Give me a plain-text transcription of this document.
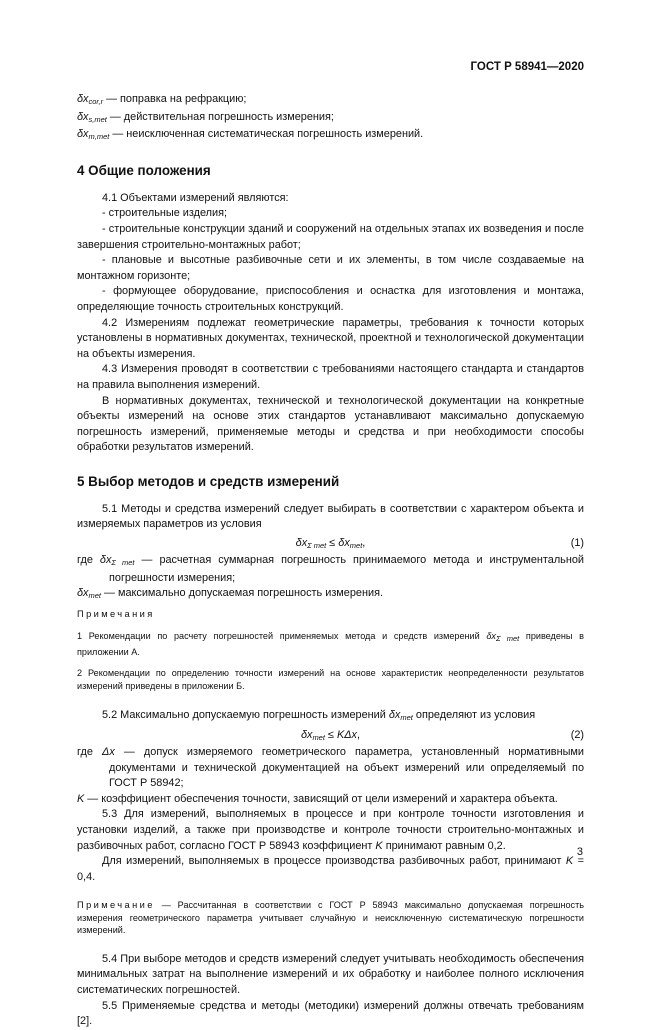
ГОСТ Р 58941—2020

$\delta x_{cor,r}$ — поправка на рефракцию;

$\delta x_{s,met}$ — действительная погрешность измерения;

$\delta x_{m,met}$ — неисключенная систематическая погрешность измерений.

4 Общие положения

4.1 Объектами измерений являются:

- строительные изделия;

- строительные конструкции зданий и сооружений на отдельных этапах их возведения и после завершения строительно-монтажных работ;

- плановые и высотные разбивочные сети и их элементы, в том числе создаваемые на монтажном горизонте;

- формующее оборудование, приспособления и оснастка для изготовления и монтажа, определяющие точность строительных конструкций.

4.2 Измерениям подлежат геометрические параметры, требования к точности которых установлены в нормативных документах, технической, проектной и технологической документации на объекты измерения.

4.3 Измерения проводят в соответствии с требованиями настоящего стандарта и стандартов на правила выполнения измерений.

В нормативных документах, технической и технологической документации на конкретные объекты измерений на основе этих стандартов устанавливают максимально допускаемую погрешность измерений, применяемые методы и средства и при необходимости способы обработки результатов измерений.

5 Выбор методов и средств измерений

5.1 Методы и средства измерений следует выбирать в соответствии с характером объекта и измеряемых параметров из условия

$\delta x_{\Sigma met} \le \delta x_{met}$,	(1)

где $\delta x_{\Sigma met}$ — расчетная суммарная погрешность принимаемого метода и инструментальной погрешности измерения;

$\delta x_{met}$ — максимально допускаемая погрешность измерения.

Примечания

1 Рекомендации по расчету погрешностей применяемых метода и средств измерений $\delta x_{\Sigma met}$ приведены в приложении А.

2 Рекомендации по определению точности измерений на основе характеристик неопределенности результатов измерений приведены в приложении Б.

5.2 Максимально допускаемую погрешность измерений $\delta x_{met}$ определяют из условия

$\delta x_{met} \le K\Delta x$,	(2)

где Δx — допуск измеряемого геометрического параметра, установленный нормативными документами и технической документацией на объект измерений или определяемый по ГОСТ Р 58942;

K — коэффициент обеспечения точности, зависящий от цели измерений и характера объекта.

5.3 Для измерений, выполняемых в процессе и при контроле точности изготовления и установки изделий, а также при производстве и контроле точности строительно-монтажных и разбивочных работ, согласно ГОСТ Р 58943 коэффициент K принимают равным 0,2.

Для измерений, выполняемых в процессе производства разбивочных работ, принимают K = 0,4.

Примечание — Рассчитанная в соответствии с ГОСТ Р 58943 максимально допускаемая погрешность измерения геометрического параметра учитывает случайную и неисключенную систематическую погрешности измерений.

5.4 При выборе методов и средств измерений следует учитывать необходимость обеспечения минимальных затрат на выполнение измерений и их обработку и наиболее полного исключения систематических погрешностей.

5.5 Применяемые средства и методы (методики) измерений должны отвечать требованиям [2].

3
